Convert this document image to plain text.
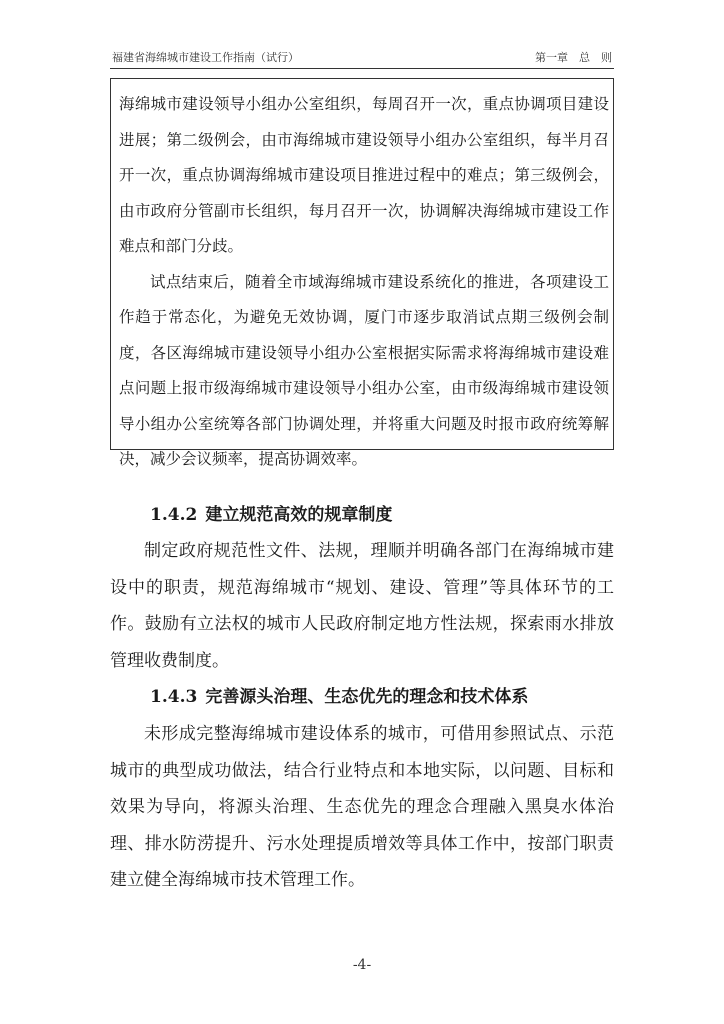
福建省海绵城市建设工作指南（试行）	第一章　总　则

海绵城市建设领导小组办公室组织，每周召开一次，重点协调项目建设进展；第二级例会，由市海绵城市建设领导小组办公室组织，每半月召开一次，重点协调海绵城市建设项目推进过程中的难点；第三级例会，由市政府分管副市长组织，每月召开一次，协调解决海绵城市建设工作难点和部门分歧。

试点结束后，随着全市域海绵城市建设系统化的推进，各项建设工作趋于常态化，为避免无效协调，厦门市逐步取消试点期三级例会制度，各区海绵城市建设领导小组办公室根据实际需求将海绵城市建设难点问题上报市级海绵城市建设领导小组办公室，由市级海绵城市建设领导小组办公室统筹各部门协调处理，并将重大问题及时报市政府统筹解决，减少会议频率，提高协调效率。

1.4.2 建立规范高效的规章制度

制定政府规范性文件、法规，理顺并明确各部门在海绵城市建设中的职责，规范海绵城市“规划、建设、管理”等具体环节的工作。鼓励有立法权的城市人民政府制定地方性法规，探索雨水排放管理收费制度。

1.4.3 完善源头治理、生态优先的理念和技术体系

未形成完整海绵城市建设体系的城市，可借用参照试点、示范城市的典型成功做法，结合行业特点和本地实际，以问题、目标和效果为导向，将源头治理、生态优先的理念合理融入黑臭水体治理、排水防涝提升、污水处理提质增效等具体工作中，按部门职责建立健全海绵城市技术管理工作。

-4-
